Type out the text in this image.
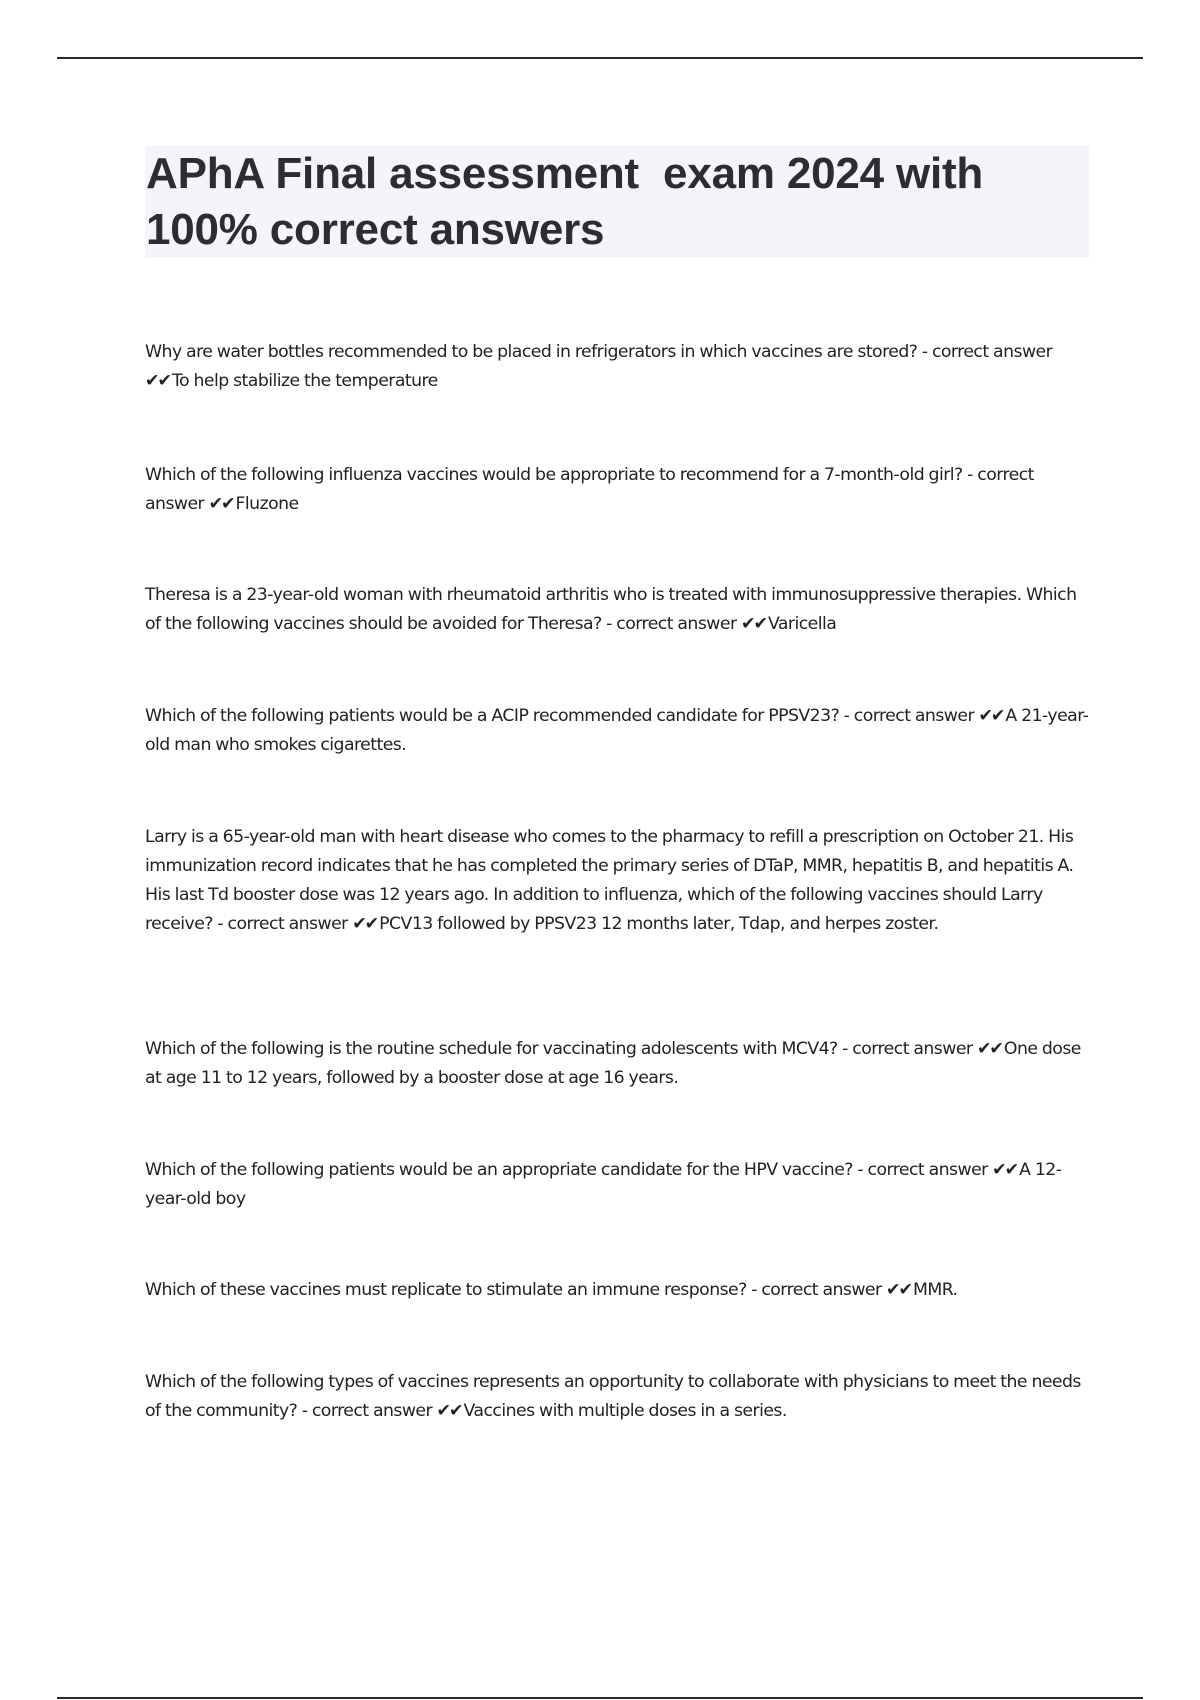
APhA Final assessment  exam 2024 with 100% correct answers

Why are water bottles recommended to be placed in refrigerators in which vaccines are stored? - correct answer ✔✔ To help stabilize the temperature

Which of the following influenza vaccines would be appropriate to recommend for a 7-month-old girl? - correct answer ✔✔ Fluzone

Theresa is a 23-year-old woman with rheumatoid arthritis who is treated with immunosuppressive therapies. Which of the following vaccines should be avoided for Theresa? - correct answer ✔✔ Varicella

Which of the following patients would be a ACIP recommended candidate for PPSV23? - correct answer ✔✔ A 21-year-old man who smokes cigarettes.

Larry is a 65-year-old man with heart disease who comes to the pharmacy to refill a prescription on October 21. His immunization record indicates that he has completed the primary series of DTaP, MMR, hepatitis B, and hepatitis A. His last Td booster dose was 12 years ago. In addition to influenza, which of the following vaccines should Larry receive? - correct answer ✔✔ PCV13 followed by PPSV23 12 months later, Tdap, and herpes zoster.

Which of the following is the routine schedule for vaccinating adolescents with MCV4? - correct answer ✔✔ One dose at age 11 to 12 years, followed by a booster dose at age 16 years.

Which of the following patients would be an appropriate candidate for the HPV vaccine? - correct answer ✔✔ A 12-year-old boy

Which of these vaccines must replicate to stimulate an immune response? - correct answer ✔✔ MMR.

Which of the following types of vaccines represents an opportunity to collaborate with physicians to meet the needs of the community? - correct answer ✔✔ Vaccines with multiple doses in a series.
